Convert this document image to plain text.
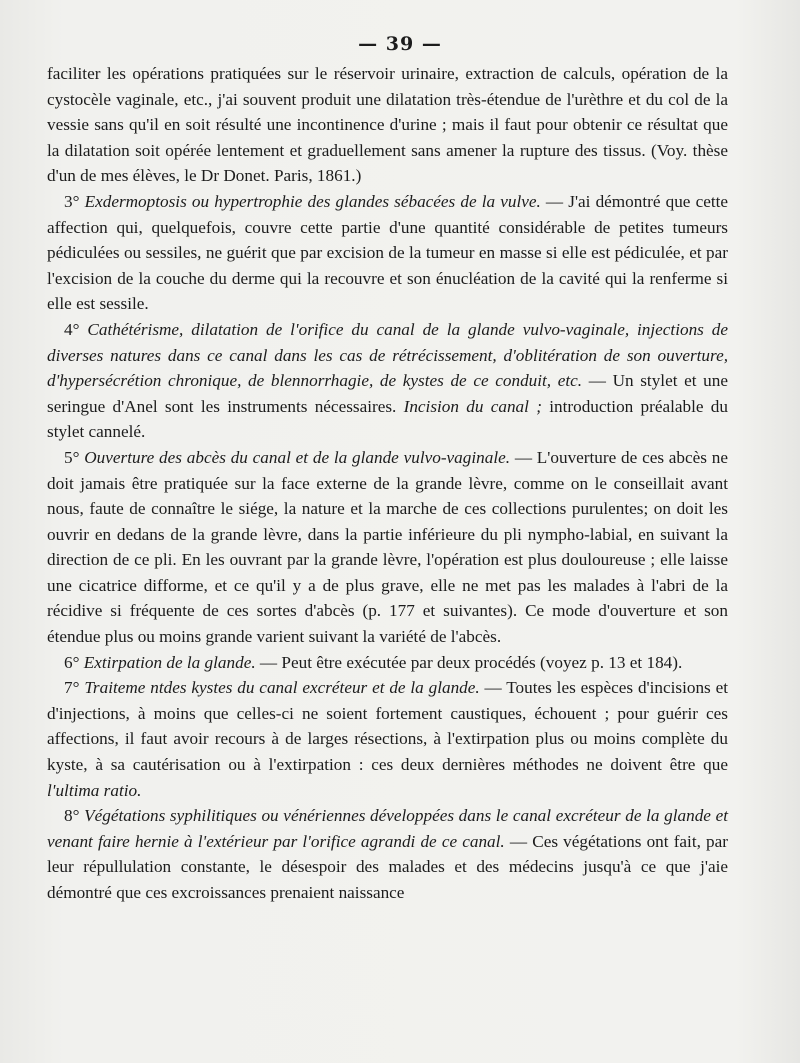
— 39 —

faciliter les opérations pratiquées sur le réservoir urinaire, extraction de calculs, opération de la cystocèle vaginale, etc., j'ai souvent produit une dilatation très-étendue de l'urèthre et du col de la vessie sans qu'il en soit résulté une incontinence d'urine ; mais il faut pour obtenir ce résultat que la dilatation soit opérée lentement et graduellement sans amener la rupture des tissus. (Voy. thèse d'un de mes élèves, le Dr Donet. Paris, 1861.)

3° Exdermoptosis ou hypertrophie des glandes sébacées de la vulve. — J'ai démontré que cette affection qui, quelquefois, couvre cette partie d'une quantité considérable de petites tumeurs pédiculées ou sessiles, ne guérit que par excision de la tumeur en masse si elle est pédiculée, et par l'excision de la couche du derme qui la recouvre et son énucléation de la cavité qui la renferme si elle est sessile.

4° Cathétérisme, dilatation de l'orifice du canal de la glande vulvo-vaginale, injections de diverses natures dans ce canal dans les cas de rétrécissement, d'oblitération de son ouverture, d'hypersécrétion chronique, de blennorrhagie, de kystes de ce conduit, etc. — Un stylet et une seringue d'Anel sont les instruments nécessaires. Incision du canal ; introduction préalable du stylet cannelé.

5° Ouverture des abcès du canal et de la glande vulvo-vaginale. — L'ouverture de ces abcès ne doit jamais être pratiquée sur la face externe de la grande lèvre, comme on le conseillait avant nous, faute de connaître le siége, la nature et la marche de ces collections purulentes; on doit les ouvrir en dedans de la grande lèvre, dans la partie inférieure du pli nympho-labial, en suivant la direction de ce pli. En les ouvrant par la grande lèvre, l'opération est plus douloureuse ; elle laisse une cicatrice difforme, et ce qu'il y a de plus grave, elle ne met pas les malades à l'abri de la récidive si fréquente de ces sortes d'abcès (p. 177 et suivantes). Ce mode d'ouverture et son étendue plus ou moins grande varient suivant la variété de l'abcès.

6° Extirpation de la glande. — Peut être exécutée par deux procédés (voyez p. 13 et 184).

7° Traiteme ntdes kystes du canal excréteur et de la glande. — Toutes les espèces d'incisions et d'injections, à moins que celles-ci ne soient fortement caustiques, échouent ; pour guérir ces affections, il faut avoir recours à de larges résections, à l'extirpation plus ou moins complète du kyste, à sa cautérisation ou à l'extirpation : ces deux dernières méthodes ne doivent être que l'ultima ratio.

8° Végétations syphilitiques ou vénériennes développées dans le canal excréteur de la glande et venant faire hernie à l'extérieur par l'orifice agrandi de ce canal. — Ces végétations ont fait, par leur répullulation constante, le désespoir des malades et des médecins jusqu'à ce que j'aie démontré que ces excroissances prenaient naissance
